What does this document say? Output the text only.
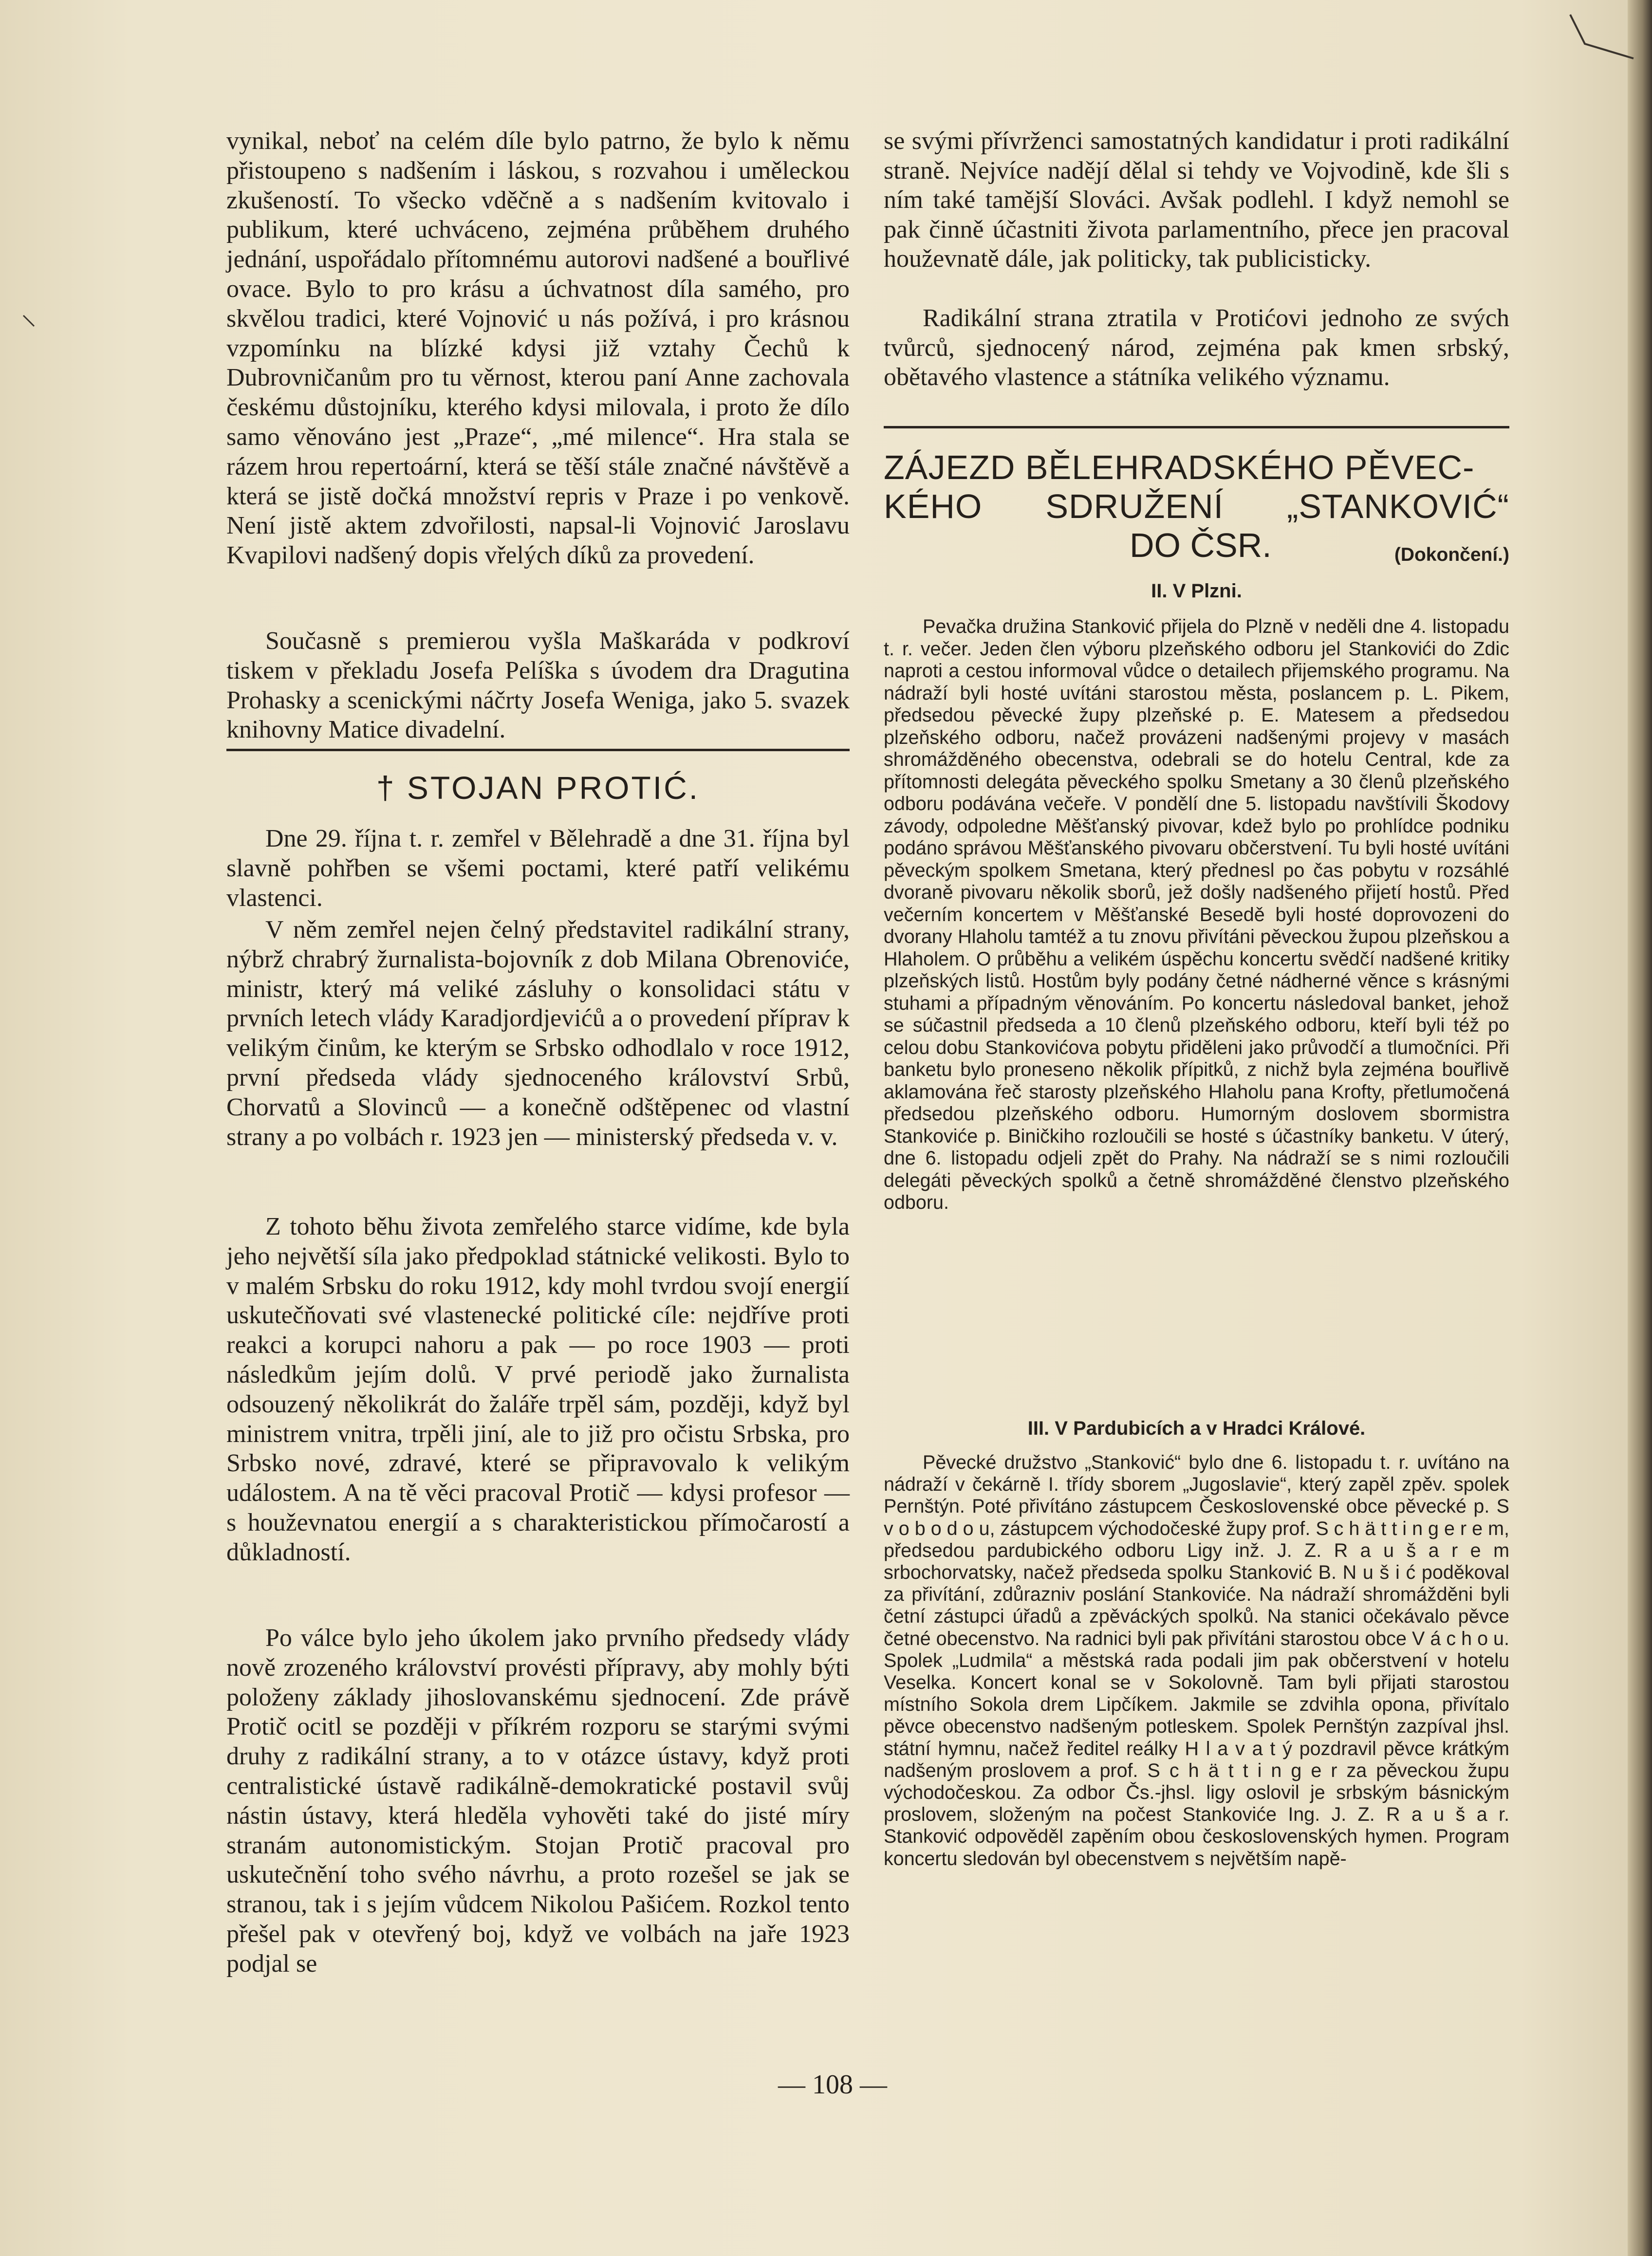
vynikal, neboť na celém díle bylo patrno, že bylo k němu přistoupeno s nadšením i láskou, s rozvahou i uměleckou zkušeností. To všecko vděčně a s nadšením kvitovalo i publikum, které uchváceno, zejména průběhem druhého jednání, uspořádalo přítomnému autorovi nadšené a bouřlivé ovace. Bylo to pro krásu a úchvatnost díla samého, pro skvělou tradici, které Vojnović u nás požívá, i pro krásnou vzpomínku na blízké kdysi již vztahy Čechů k Dubrovničanům pro tu věrnost, kterou paní Anne zachovala českému důstojníku, kterého kdysi milovala, i proto že dílo samo věnováno jest „Praze“, „mé milence“. Hra stala se rázem hrou repertoární, která se těší stále značné návštěvě a která se jistě dočká množství repris v Praze i po venkově. Není jistě aktem zdvořilosti, napsal-li Vojnović Jaroslavu Kvapilovi nadšený dopis vřelých díků za provedení.

Současně s premierou vyšla Maškaráda v podkroví tiskem v překladu Josefa Pelíška s úvodem dra Dragutina Prohasky a scenickými náčrty Josefa Weniga, jako 5. svazek knihovny Matice divadelní.

† STOJAN PROTIĆ.

Dne 29. října t. r. zemřel v Bělehradě a dne 31. října byl slavně pohřben se všemi poctami, které patří velikému vlastenci.

V něm zemřel nejen čelný představitel radikální strany, nýbrž chrabrý žurnalista-bojovník z dob Milana Obrenoviće, ministr, který má veliké zásluhy o konsolidaci státu v prvních letech vlády Karadjordjevićů a o provedení příprav k velikým činům, ke kterým se Srbsko odhodlalo v roce 1912, první předseda vlády sjednoceného království Srbů, Chorvatů a Slovinců — a konečně odštěpenec od vlastní strany a po volbách r. 1923 jen — ministerský předseda v. v.

Z tohoto běhu života zemřelého starce vidíme, kde byla jeho největší síla jako předpoklad státnické velikosti. Bylo to v malém Srbsku do roku 1912, kdy mohl tvrdou svojí energií uskutečňovati své vlastenecké politické cíle: nejdříve proti reakci a korupci nahoru a pak — po roce 1903 — proti následkům jejím dolů. V prvé periodě jako žurnalista odsouzený několikrát do žaláře trpěl sám, později, když byl ministrem vnitra, trpěli jiní, ale to již pro očistu Srbska, pro Srbsko nové, zdravé, které se připravovalo k velikým událostem. A na tě věci pracoval Protič — kdysi profesor — s houževnatou energií a s charakteristickou přímočarostí a důkladností.

Po válce bylo jeho úkolem jako prvního předsedy vlády nově zrozeného království provésti přípravy, aby mohly býti položeny základy jihoslovanskému sjednocení. Zde právě Protič ocitl se později v příkrém rozporu se starými svými druhy z radikální strany, a to v otázce ústavy, když proti centralistické ústavě radikálně-demokratické postavil svůj nástin ústavy, která hleděla vyhověti také do jisté míry stranám autonomistickým. Stojan Protič pracoval pro uskutečnění toho svého návrhu, a proto rozešel se jak se stranou, tak i s jejím vůdcem Nikolou Pašićem. Rozkol tento přešel pak v otevřený boj, když ve volbách na jaře 1923 podjal se

se svými přívrženci samostatných kandidatur i proti radikální straně. Nejvíce nadějí dělal si tehdy ve Vojvodině, kde šli s ním také tamější Slováci. Avšak podlehl. I když nemohl se pak činně účastniti života parlamentního, přece jen pracoval houževnatě dále, jak politicky, tak publicisticky.

Radikální strana ztratila v Protićovi jednoho ze svých tvůrců, sjednocený národ, zejména pak kmen srbský, obětavého vlastence a státníka velikého významu.

ZÁJEZD BĚLEHRADSKÉHO PĚVEC-
KÉHO SDRUŽENÍ „STANKOVIĆ“
DO ČSR.	(Dokončení.)
II. V Plzni.

Pevačka družina Stanković přijela do Plzně v neděli dne 4. listopadu t. r. večer. Jeden člen výboru plzeňského odboru jel Stankovići do Zdic naproti a cestou informoval vůdce o detailech přijemského programu. Na nádraží byli hosté uvítáni starostou města, poslancem p. L. Pikem, předsedou pěvecké župy plzeňské p. E. Matesem a předsedou plzeňského odboru, načež provázeni nadšenými projevy v masách shromážděného obecenstva, odebrali se do hotelu Central, kde za přítomnosti delegáta pěveckého spolku Smetany a 30 členů plzeňského odboru podávána večeře. V pondělí dne 5. listopadu navštívili Škodovy závody, odpoledne Měšťanský pivovar, kdež bylo po prohlídce podniku podáno správou Měšťanského pivovaru občerstvení. Tu byli hosté uvítáni pěveckým spolkem Smetana, který přednesl po čas pobytu v rozsáhlé dvoraně pivovaru několik sborů, jež došly nadšeného přijetí hostů. Před večerním koncertem v Měšťanské Besedě byli hosté doprovozeni do dvorany Hlaholu tamtéž a tu znovu přivítáni pěveckou župou plzeňskou a Hlaholem. O průběhu a velikém úspěchu koncertu svědčí nadšené kritiky plzeňských listů. Hostům byly podány četné nádherné věnce s krásnými stuhami a případným věnováním. Po koncertu následoval banket, jehož se súčastnil předseda a 10 členů plzeňského odboru, kteří byli též po celou dobu Stankovićova pobytu přiděleni jako průvodčí a tlumočníci. Při banketu bylo proneseno několik přípitků, z nichž byla zejména bouřlivě aklamována řeč starosty plzeňského Hlaholu pana Krofty, přetlumočená předsedou plzeňského odboru. Humorným doslovem sbormistra Stankoviće p. Biničkiho rozloučili se hosté s účastníky banketu. V úterý, dne 6. listopadu odjeli zpět do Prahy. Na nádraží se s nimi rozloučili delegáti pěveckých spolků a četně shromážděné členstvo plzeňského odboru.

III. V Pardubicích a v Hradci Králové.

Pěvecké družstvo „Stanković“ bylo dne 6. listopadu t. r. uvítáno na nádraží v čekárně I. třídy sborem „Jugoslavie“, který zapěl zpěv. spolek Pernštýn. Poté přivítáno zástupcem Československé obce pěvecké p. S v o b o d o u, zástupcem východočeské župy prof. S c h ä t t i n g e r e m, předsedou pardubického odboru Ligy inž. J. Z. R a u š a r e m srbochorvatsky, načež předseda spolku Stanković B. N u š i ć poděkoval za přivítání, zdůrazniv poslání Stankoviće. Na nádraží shromážděni byli četní zástupci úřadů a zpěváckých spolků. Na stanici očekávalo pěvce četné obecenstvo. Na radnici byli pak přivítáni starostou obce V á c h o u. Spolek „Ludmila“ a městská rada podali jim pak občerstvení v hotelu Veselka. Koncert konal se v Sokolovně. Tam byli přijati starostou místního Sokola drem Lipčíkem. Jakmile se zdvihla opona, přivítalo pěvce obecenstvo nadšeným potleskem. Spolek Pernštýn zazpíval jhsl. státní hymnu, načež ředitel reálky H l a v a t ý pozdravil pěvce krátkým nadšeným proslovem a prof. S c h ä t t i n g e r za pěveckou župu východočeskou. Za odbor Čs.-jhsl. ligy oslovil je srbským básnickým proslovem, složeným na počest Stankoviće Ing. J. Z. R a u š a r. Stanković odpověděl zapěním obou československých hymen. Program koncertu sledován byl obecenstvem s největším napě-

— 108 —
